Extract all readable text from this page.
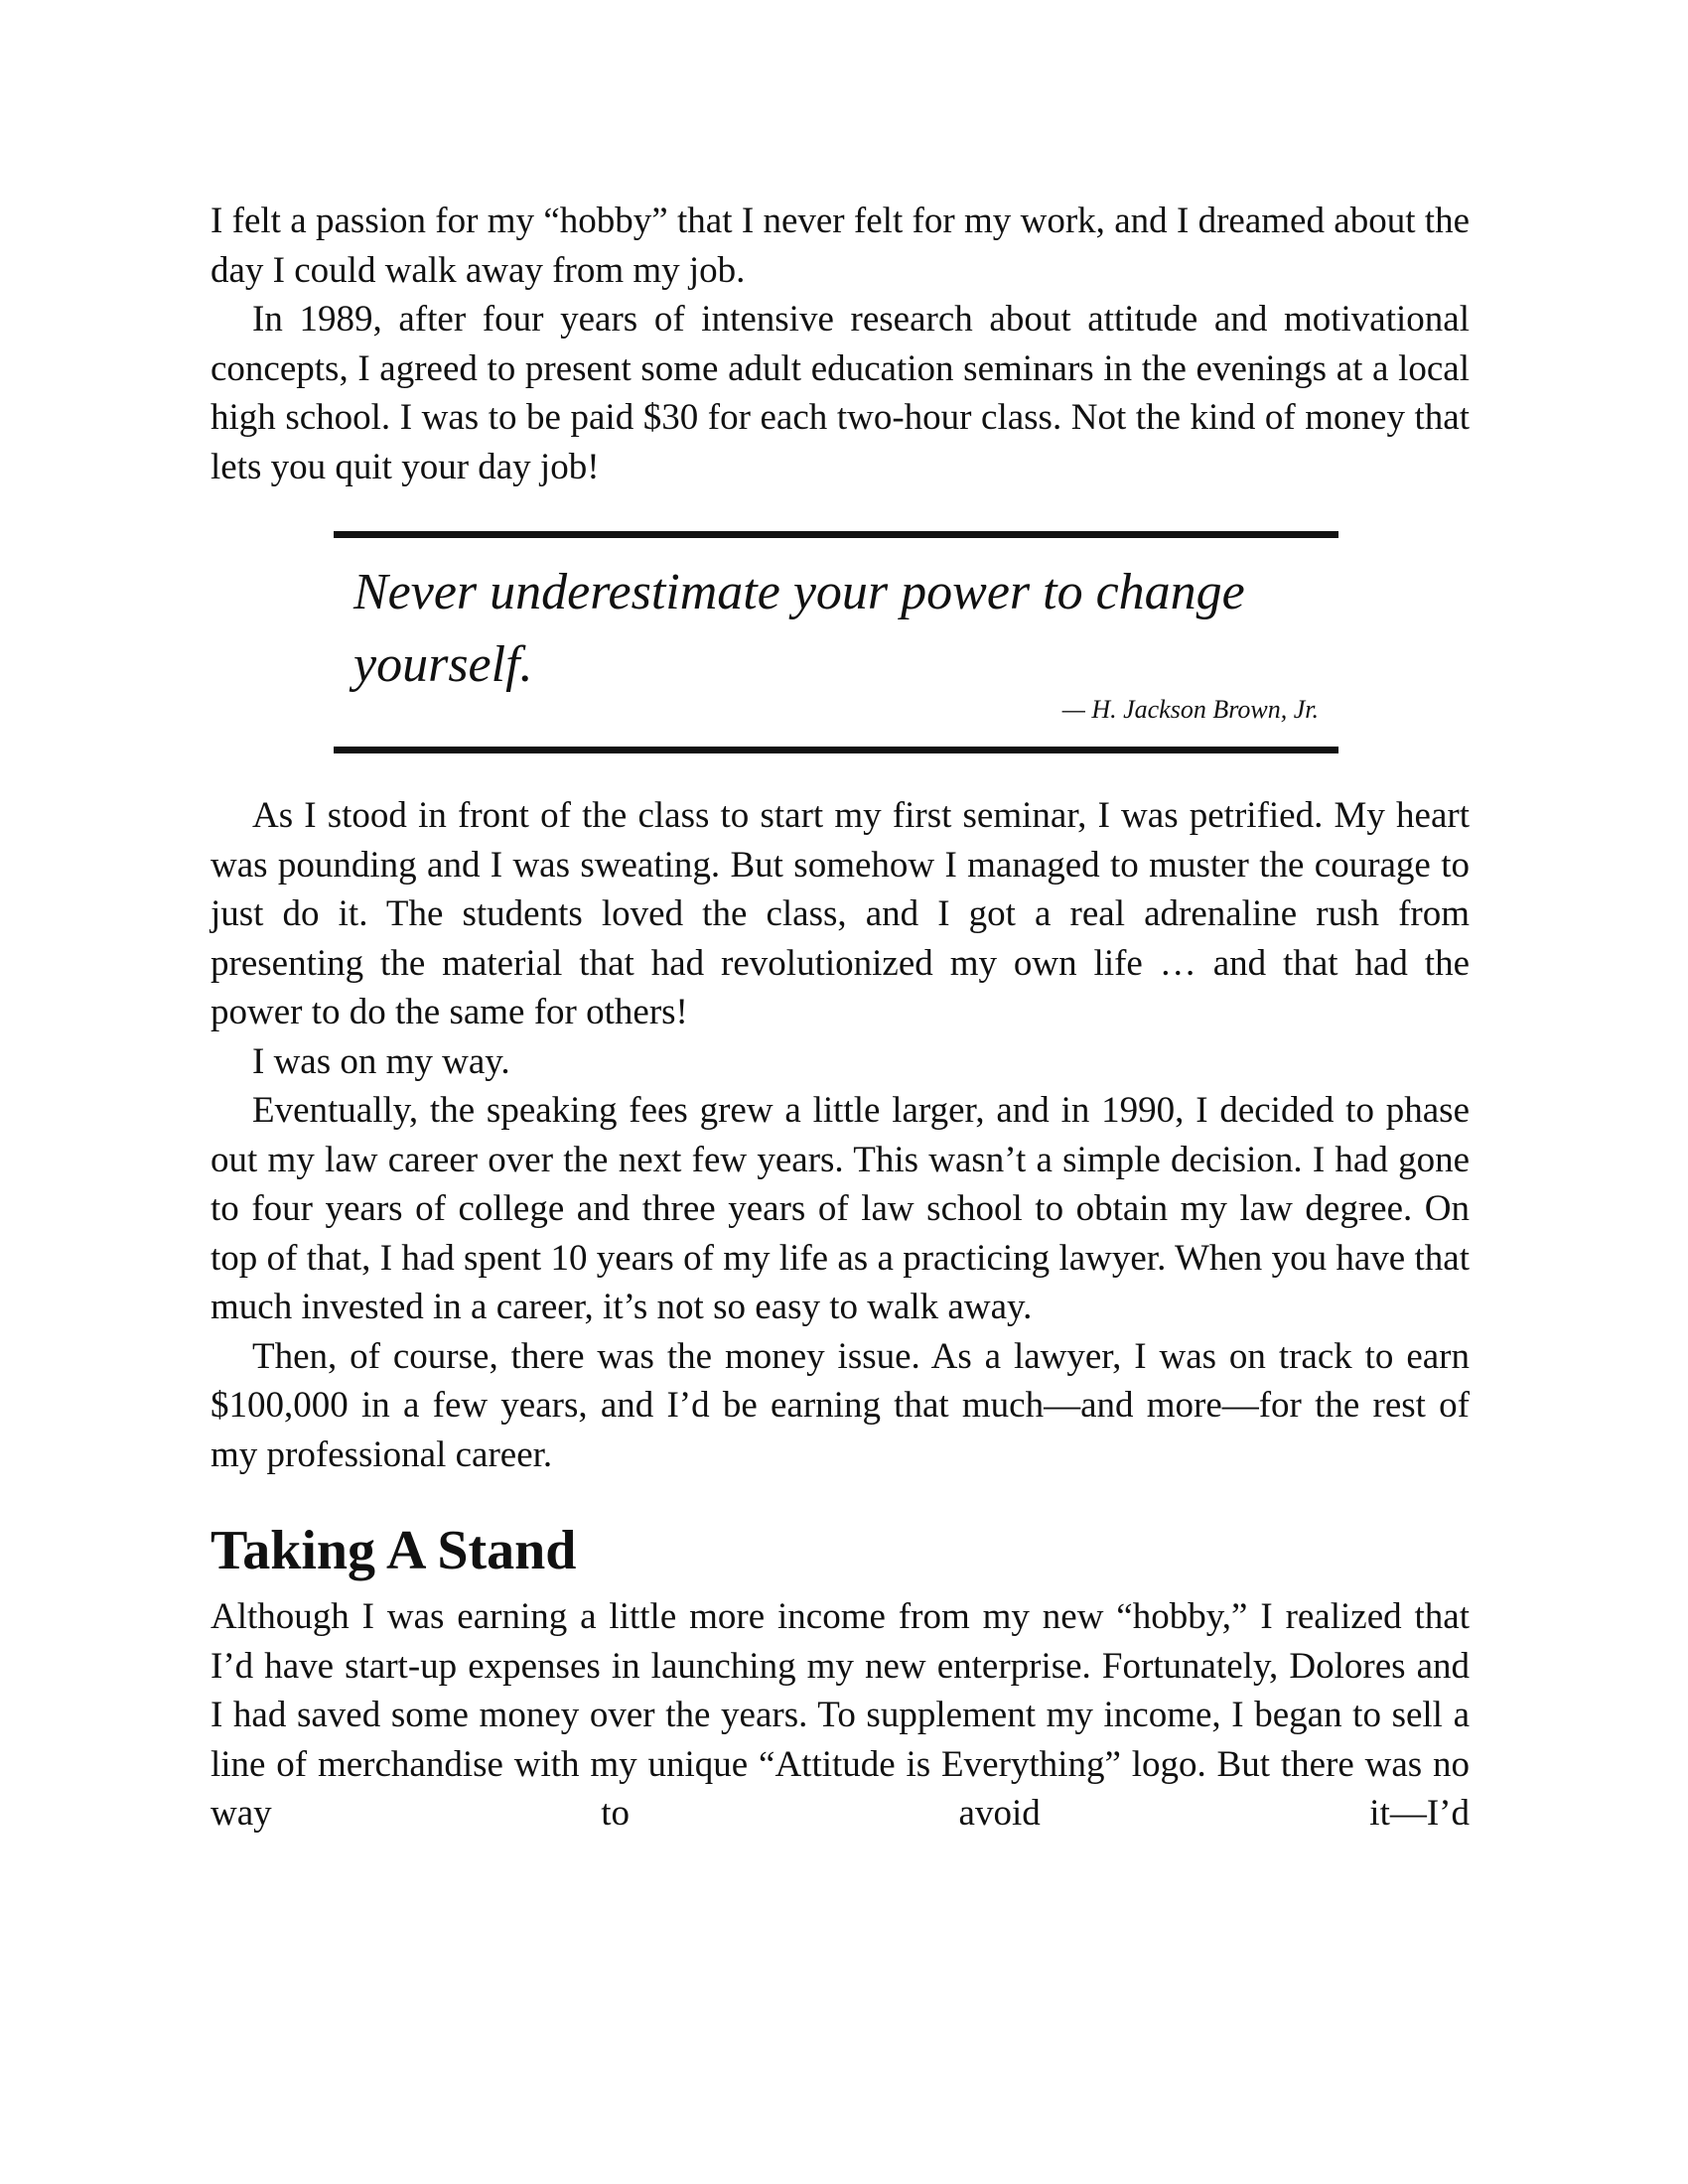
I felt a passion for my “hobby” that I never felt for my work, and I dreamed about the day I could walk away from my job.

In 1989, after four years of intensive research about attitude and motivational concepts, I agreed to present some adult education seminars in the evenings at a local high school. I was to be paid $30 for each two-hour class. Not the kind of money that lets you quit your day job!

Never underestimate your power to change yourself.
— H. Jackson Brown, Jr.

As I stood in front of the class to start my first seminar, I was petrified. My heart was pounding and I was sweating. But somehow I managed to muster the courage to just do it. The students loved the class, and I got a real adrenaline rush from presenting the material that had revolutionized my own life … and that had the power to do the same for others!

I was on my way.

Eventually, the speaking fees grew a little larger, and in 1990, I decided to phase out my law career over the next few years. This wasn’t a simple decision. I had gone to four years of college and three years of law school to obtain my law degree. On top of that, I had spent 10 years of my life as a practicing lawyer. When you have that much invested in a career, it’s not so easy to walk away.

Then, of course, there was the money issue. As a lawyer, I was on track to earn $100,000 in a few years, and I’d be earning that much—and more—for the rest of my professional career.

Taking A Stand

Although I was earning a little more income from my new “hobby,” I realized that I’d have start-up expenses in launching my new enterprise. Fortunately, Dolores and I had saved some money over the years. To supplement my income, I began to sell a line of merchandise with my unique “Attitude is Everything” logo. But there was no way to avoid it—I’d
